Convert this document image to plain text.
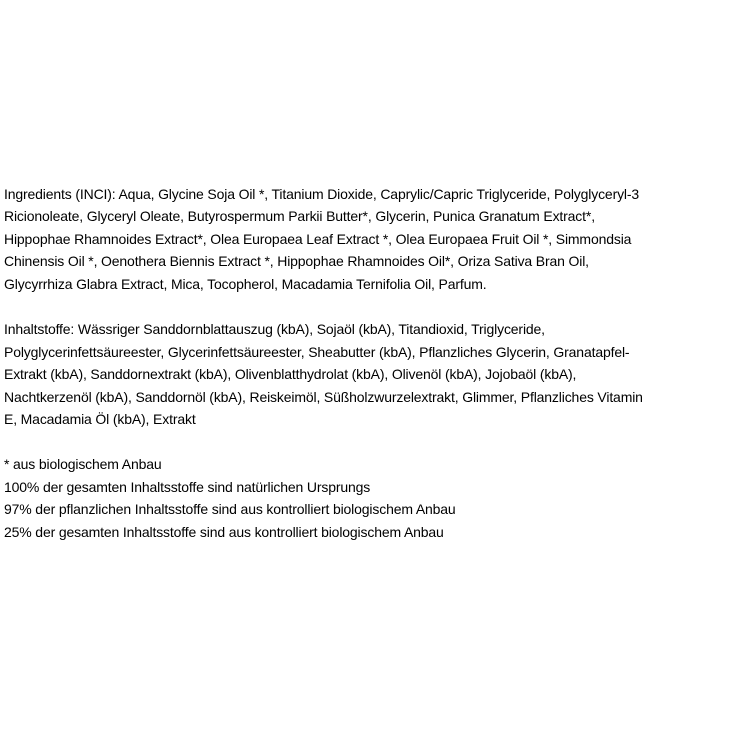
Ingredients (INCI): Aqua, Glycine Soja Oil *, Titanium Dioxide, Caprylic/Capric Triglyceride, Polyglyceryl-3
Ricionoleate, Glyceryl Oleate, Butyrospermum Parkii Butter*, Glycerin, Punica Granatum Extract*,
Hippophae Rhamnoides Extract*, Olea Europaea Leaf Extract *, Olea Europaea Fruit Oil *, Simmondsia
Chinensis Oil *, Oenothera Biennis Extract *, Hippophae Rhamnoides Oil*, Oriza Sativa Bran Oil,
Glycyrrhiza Glabra Extract, Mica, Tocopherol, Macadamia Ternifolia Oil, Parfum.
Inhaltstoffe: Wässriger Sanddornblattauszug (kbA), Sojaöl (kbA), Titandioxid, Triglyceride,
Polyglycerinfettsäureester, Glycerinfettsäureester, Sheabutter (kbA), Pflanzliches Glycerin, Granatapfel-
Extrakt (kbA), Sanddornextrakt (kbA), Olivenblatthydrolat (kbA), Olivenöl (kbA), Jojobaöl (kbA),
Nachtkerzenöl (kbA), Sanddornöl (kbA), Reiskeimöl, Süßholzwurzelextrakt, Glimmer, Pflanzliches Vitamin
E, Macadamia Öl (kbA), Extrakt
* aus biologischem Anbau
100% der gesamten Inhaltsstoffe sind natürlichen Ursprungs
97% der pflanzlichen Inhaltsstoffe sind aus kontrolliert biologischem Anbau
25% der gesamten Inhaltsstoffe sind aus kontrolliert biologischem Anbau
